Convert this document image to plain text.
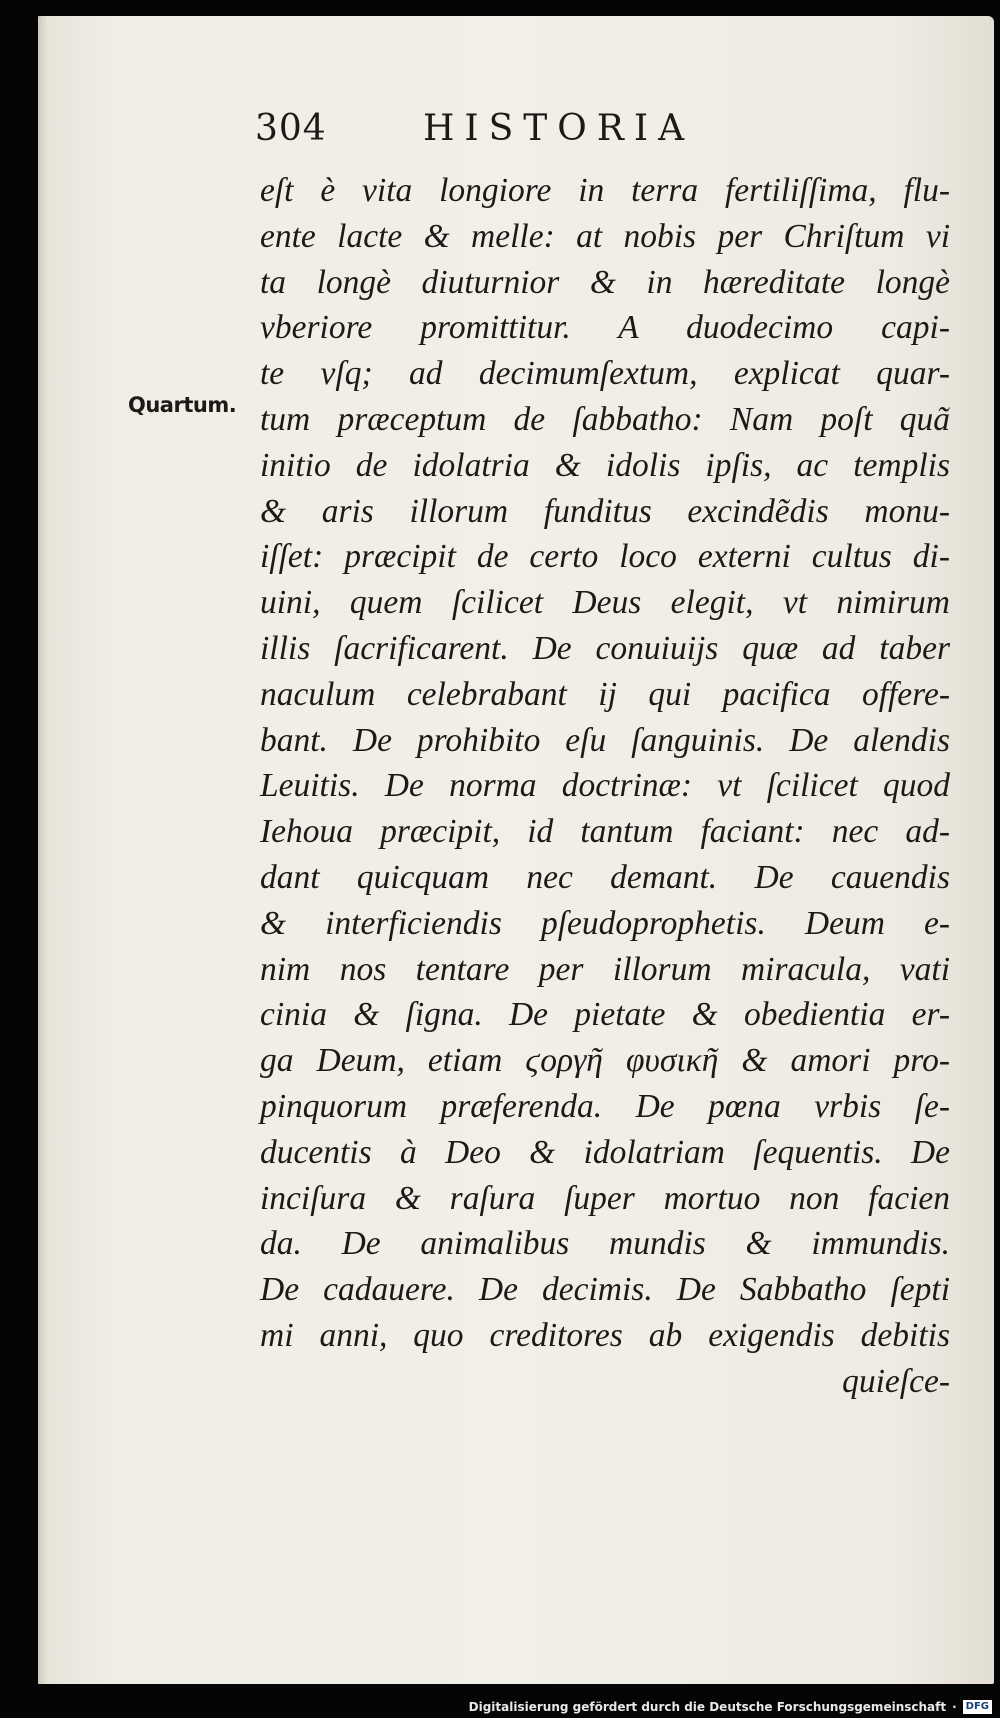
304	HISTORIA
Quartum.
eſt è vita longiore in terra fertiliſſima, flu-
ente lacte & melle: at nobis per Chriſtum vi
ta longè diuturnior & in hæreditate longè
vberiore promittitur. A duodecimo capi-
te vſq; ad decimumſextum, explicat quar-
tum præceptum de ſabbatho: Nam poſt quã
initio de idolatria & idolis ipſis, ac templis
& aris illorum funditus excindẽdis monu-
iſſet: præcipit de certo loco externi cultus di-
uini, quem ſcilicet Deus elegit, vt nimirum
illis ſacrificarent. De conuiuijs quæ ad taber
naculum celebrabant ij qui pacifica offere-
bant. De prohibito eſu ſanguinis. De alendis
Leuitis. De norma doctrinæ: vt ſcilicet quod
Iehoua præcipit, id tantum faciant: nec ad-
dant quicquam nec demant. De cauendis
& interficiendis pſeudoprophetis. Deum e-
nim nos tentare per illorum miracula, vati
cinia & ſigna. De pietate & obedientia er-
ga Deum, etiam ϛοργῆ φυσικῆ & amori pro-
pinquorum præferenda. De pœna vrbis ſe-
ducentis à Deo & idolatriam ſequentis. De
inciſura & raſura ſuper mortuo non facien
da. De animalibus mundis & immundis.
De cadauere. De decimis. De Sabbatho ſepti
mi anni, quo creditores ab exigendis debitis
quieſce-
Digitalisierung gefördert durch die Deutsche Forschungsgemeinschaft · DFG
